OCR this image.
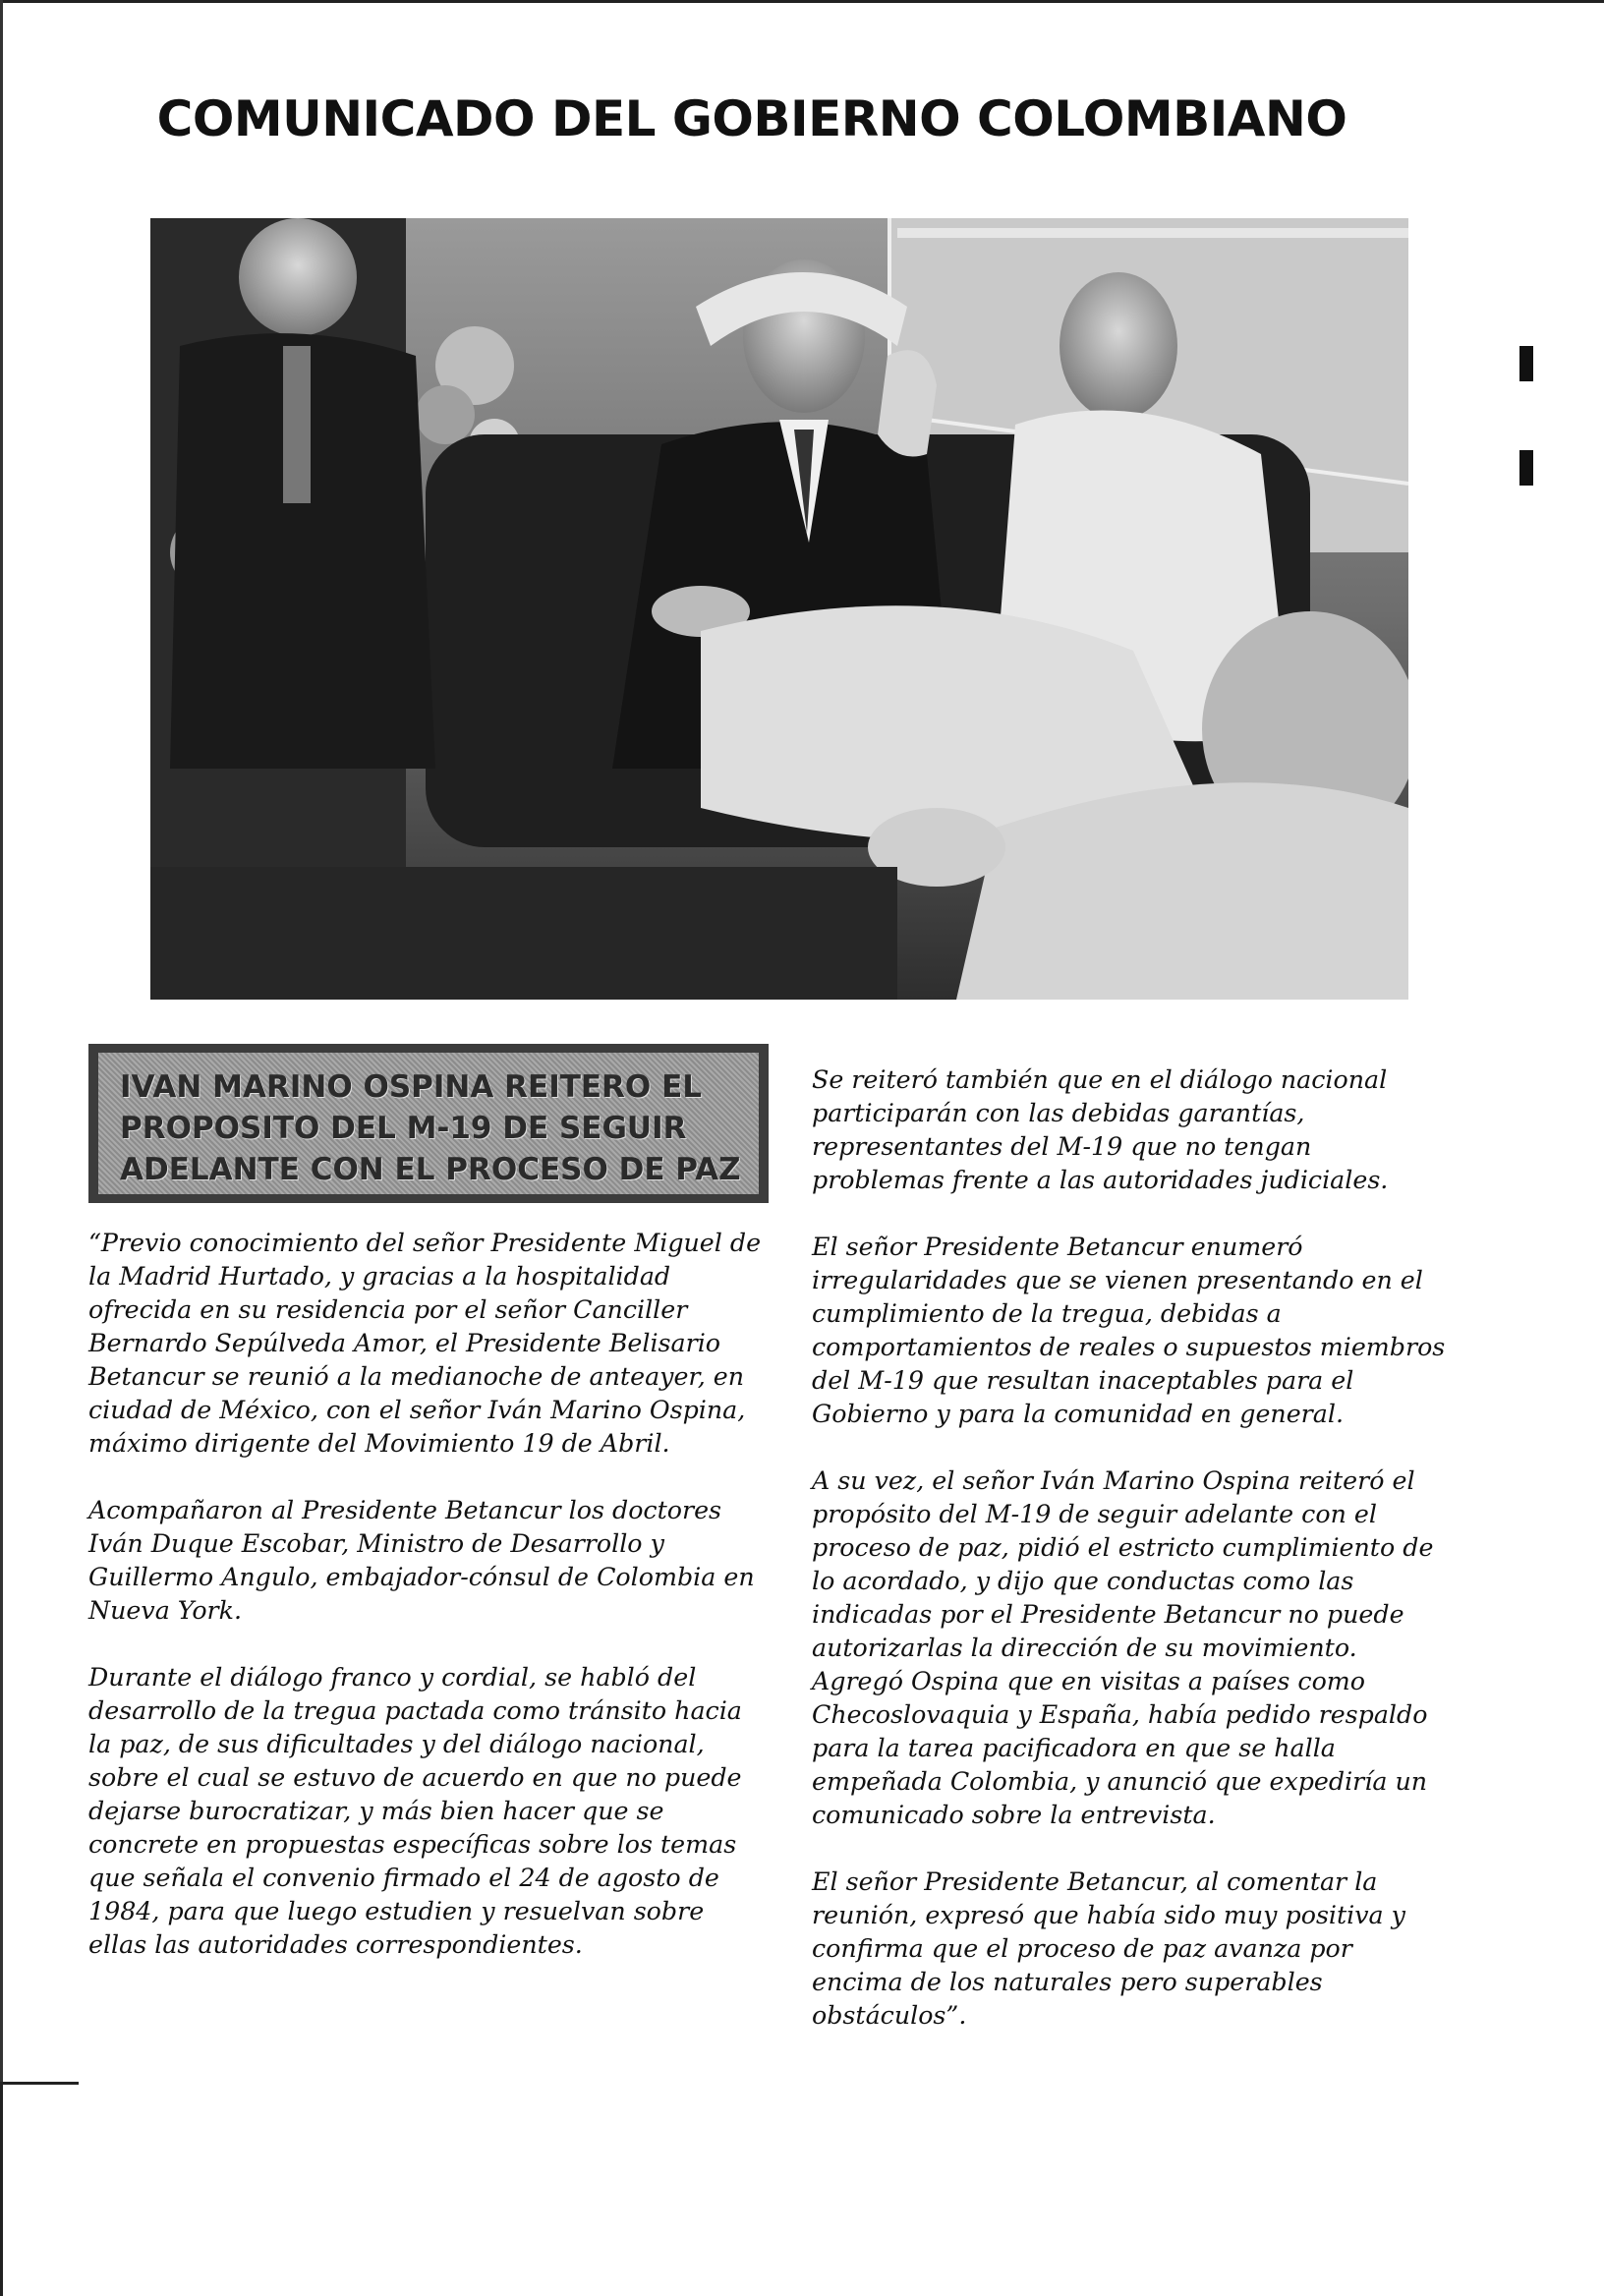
COMUNICADO DEL GOBIERNO COLOMBIANO
IVAN MARINO OSPINA REITERO EL PROPOSITO DEL M-19 DE SEGUIR ADELANTE CON EL PROCESO DE PAZ

“Previo conocimiento del señor Presidente Miguel de la Madrid Hurtado, y gracias a la hospitalidad ofrecida en su residencia por el señor Canciller Bernardo Sepúlveda Amor, el Presidente Belisario Betancur se reunió a la medianoche de anteayer, en ciudad de México, con el señor Iván Marino Ospina, máximo dirigente del Movimiento 19 de Abril.

Acompañaron al Presidente Betancur los doctores Iván Duque Escobar, Ministro de Desarrollo y Guillermo Angulo, embajador-cónsul de Colombia en Nueva York.

Durante el diálogo franco y cordial, se habló del desarrollo de la tregua pactada como tránsito hacia la paz, de sus dificultades y del diálogo nacional, sobre el cual se estuvo de acuerdo en que no puede dejarse burocratizar, y más bien hacer que se concrete en propuestas específicas sobre los temas que señala el convenio firmado el 24 de agosto de 1984, para que luego estudien y resuelvan sobre ellas las autoridades correspondientes.

Se reiteró también que en el diálogo nacional participarán con las debidas garantías, representantes del M-19 que no tengan problemas frente a las autoridades judiciales.

El señor Presidente Betancur enumeró irregularidades que se vienen presentando en el cumplimiento de la tregua, debidas a comportamientos de reales o supuestos miembros del M-19 que resultan inaceptables para el Gobierno y para la comunidad en general.

A su vez, el señor Iván Marino Ospina reiteró el propósito del M-19 de seguir adelante con el proceso de paz, pidió el estricto cumplimiento de lo acordado, y dijo que conductas como las indicadas por el Presidente Betancur no puede autorizarlas la dirección de su movimiento. Agregó Ospina que en visitas a países como Checoslovaquia y España, había pedido respaldo para la tarea pacificadora en que se halla empeñada Colombia, y anunció que expediría un comunicado sobre la entrevista.

El señor Presidente Betancur, al comentar la reunión, expresó que había sido muy positiva y confirma que el proceso de paz avanza por encima de los naturales pero superables obstáculos”.
